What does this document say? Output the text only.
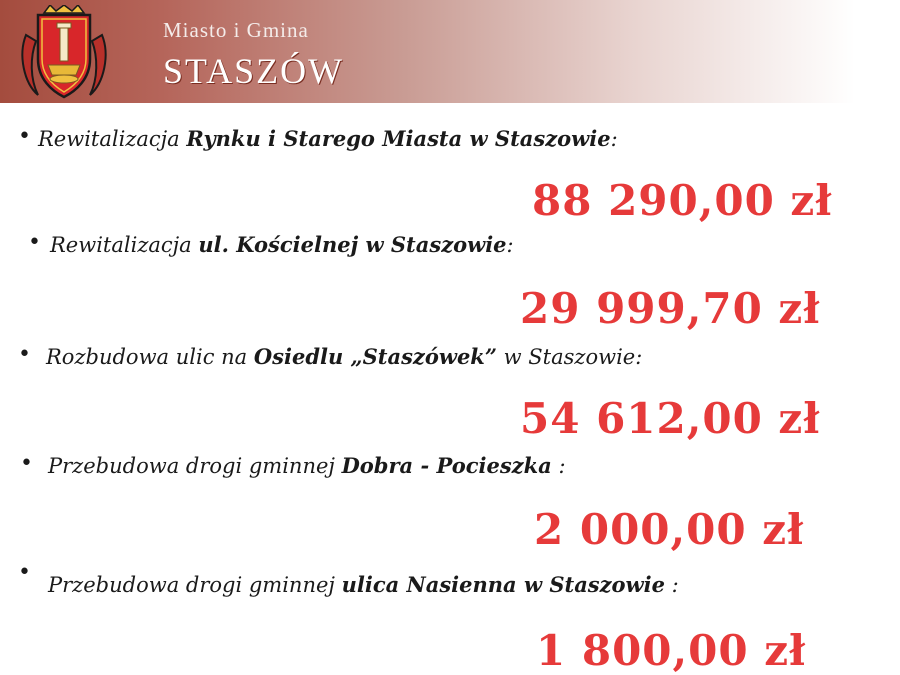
Miasto i Gmina
STASZÓW
• Rewitalizacja Rynku i Starego Miasta w Staszowie:
88 290,00 zł
• Rewitalizacja ul. Kościelnej w Staszowie:
29 999,70 zł
• Rozbudowa ulic na Osiedlu „Staszówek” w Staszowie:
54 612,00 zł
• Przebudowa drogi gminnej Dobra - Pocieszka :
2 000,00 zł
• Przebudowa drogi gminnej ulica Nasienna w Staszowie :
1 800,00 zł
